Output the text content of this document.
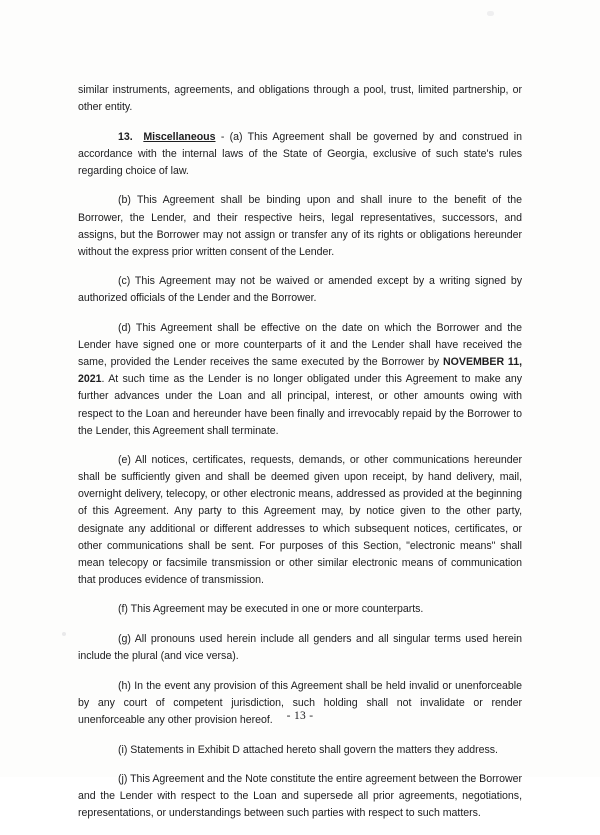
similar instruments, agreements, and obligations through a pool, trust, limited partnership, or other entity.

13. Miscellaneous - (a) This Agreement shall be governed by and construed in accordance with the internal laws of the State of Georgia, exclusive of such state's rules regarding choice of law.

(b) This Agreement shall be binding upon and shall inure to the benefit of the Borrower, the Lender, and their respective heirs, legal representatives, successors, and assigns, but the Borrower may not assign or transfer any of its rights or obligations hereunder without the express prior written consent of the Lender.

(c) This Agreement may not be waived or amended except by a writing signed by authorized officials of the Lender and the Borrower.

(d) This Agreement shall be effective on the date on which the Borrower and the Lender have signed one or more counterparts of it and the Lender shall have received the same, provided the Lender receives the same executed by the Borrower by NOVEMBER 11, 2021. At such time as the Lender is no longer obligated under this Agreement to make any further advances under the Loan and all principal, interest, or other amounts owing with respect to the Loan and hereunder have been finally and irrevocably repaid by the Borrower to the Lender, this Agreement shall terminate.

(e) All notices, certificates, requests, demands, or other communications hereunder shall be sufficiently given and shall be deemed given upon receipt, by hand delivery, mail, overnight delivery, telecopy, or other electronic means, addressed as provided at the beginning of this Agreement. Any party to this Agreement may, by notice given to the other party, designate any additional or different addresses to which subsequent notices, certificates, or other communications shall be sent. For purposes of this Section, "electronic means" shall mean telecopy or facsimile transmission or other similar electronic means of communication that produces evidence of transmission.

(f) This Agreement may be executed in one or more counterparts.

(g) All pronouns used herein include all genders and all singular terms used herein include the plural (and vice versa).

(h) In the event any provision of this Agreement shall be held invalid or unenforceable by any court of competent jurisdiction, such holding shall not invalidate or render unenforceable any other provision hereof.

(i) Statements in Exhibit D attached hereto shall govern the matters they address.

(j) This Agreement and the Note constitute the entire agreement between the Borrower and the Lender with respect to the Loan and supersede all prior agreements, negotiations, representations, or understandings between such parties with respect to such matters.

- 13 -
